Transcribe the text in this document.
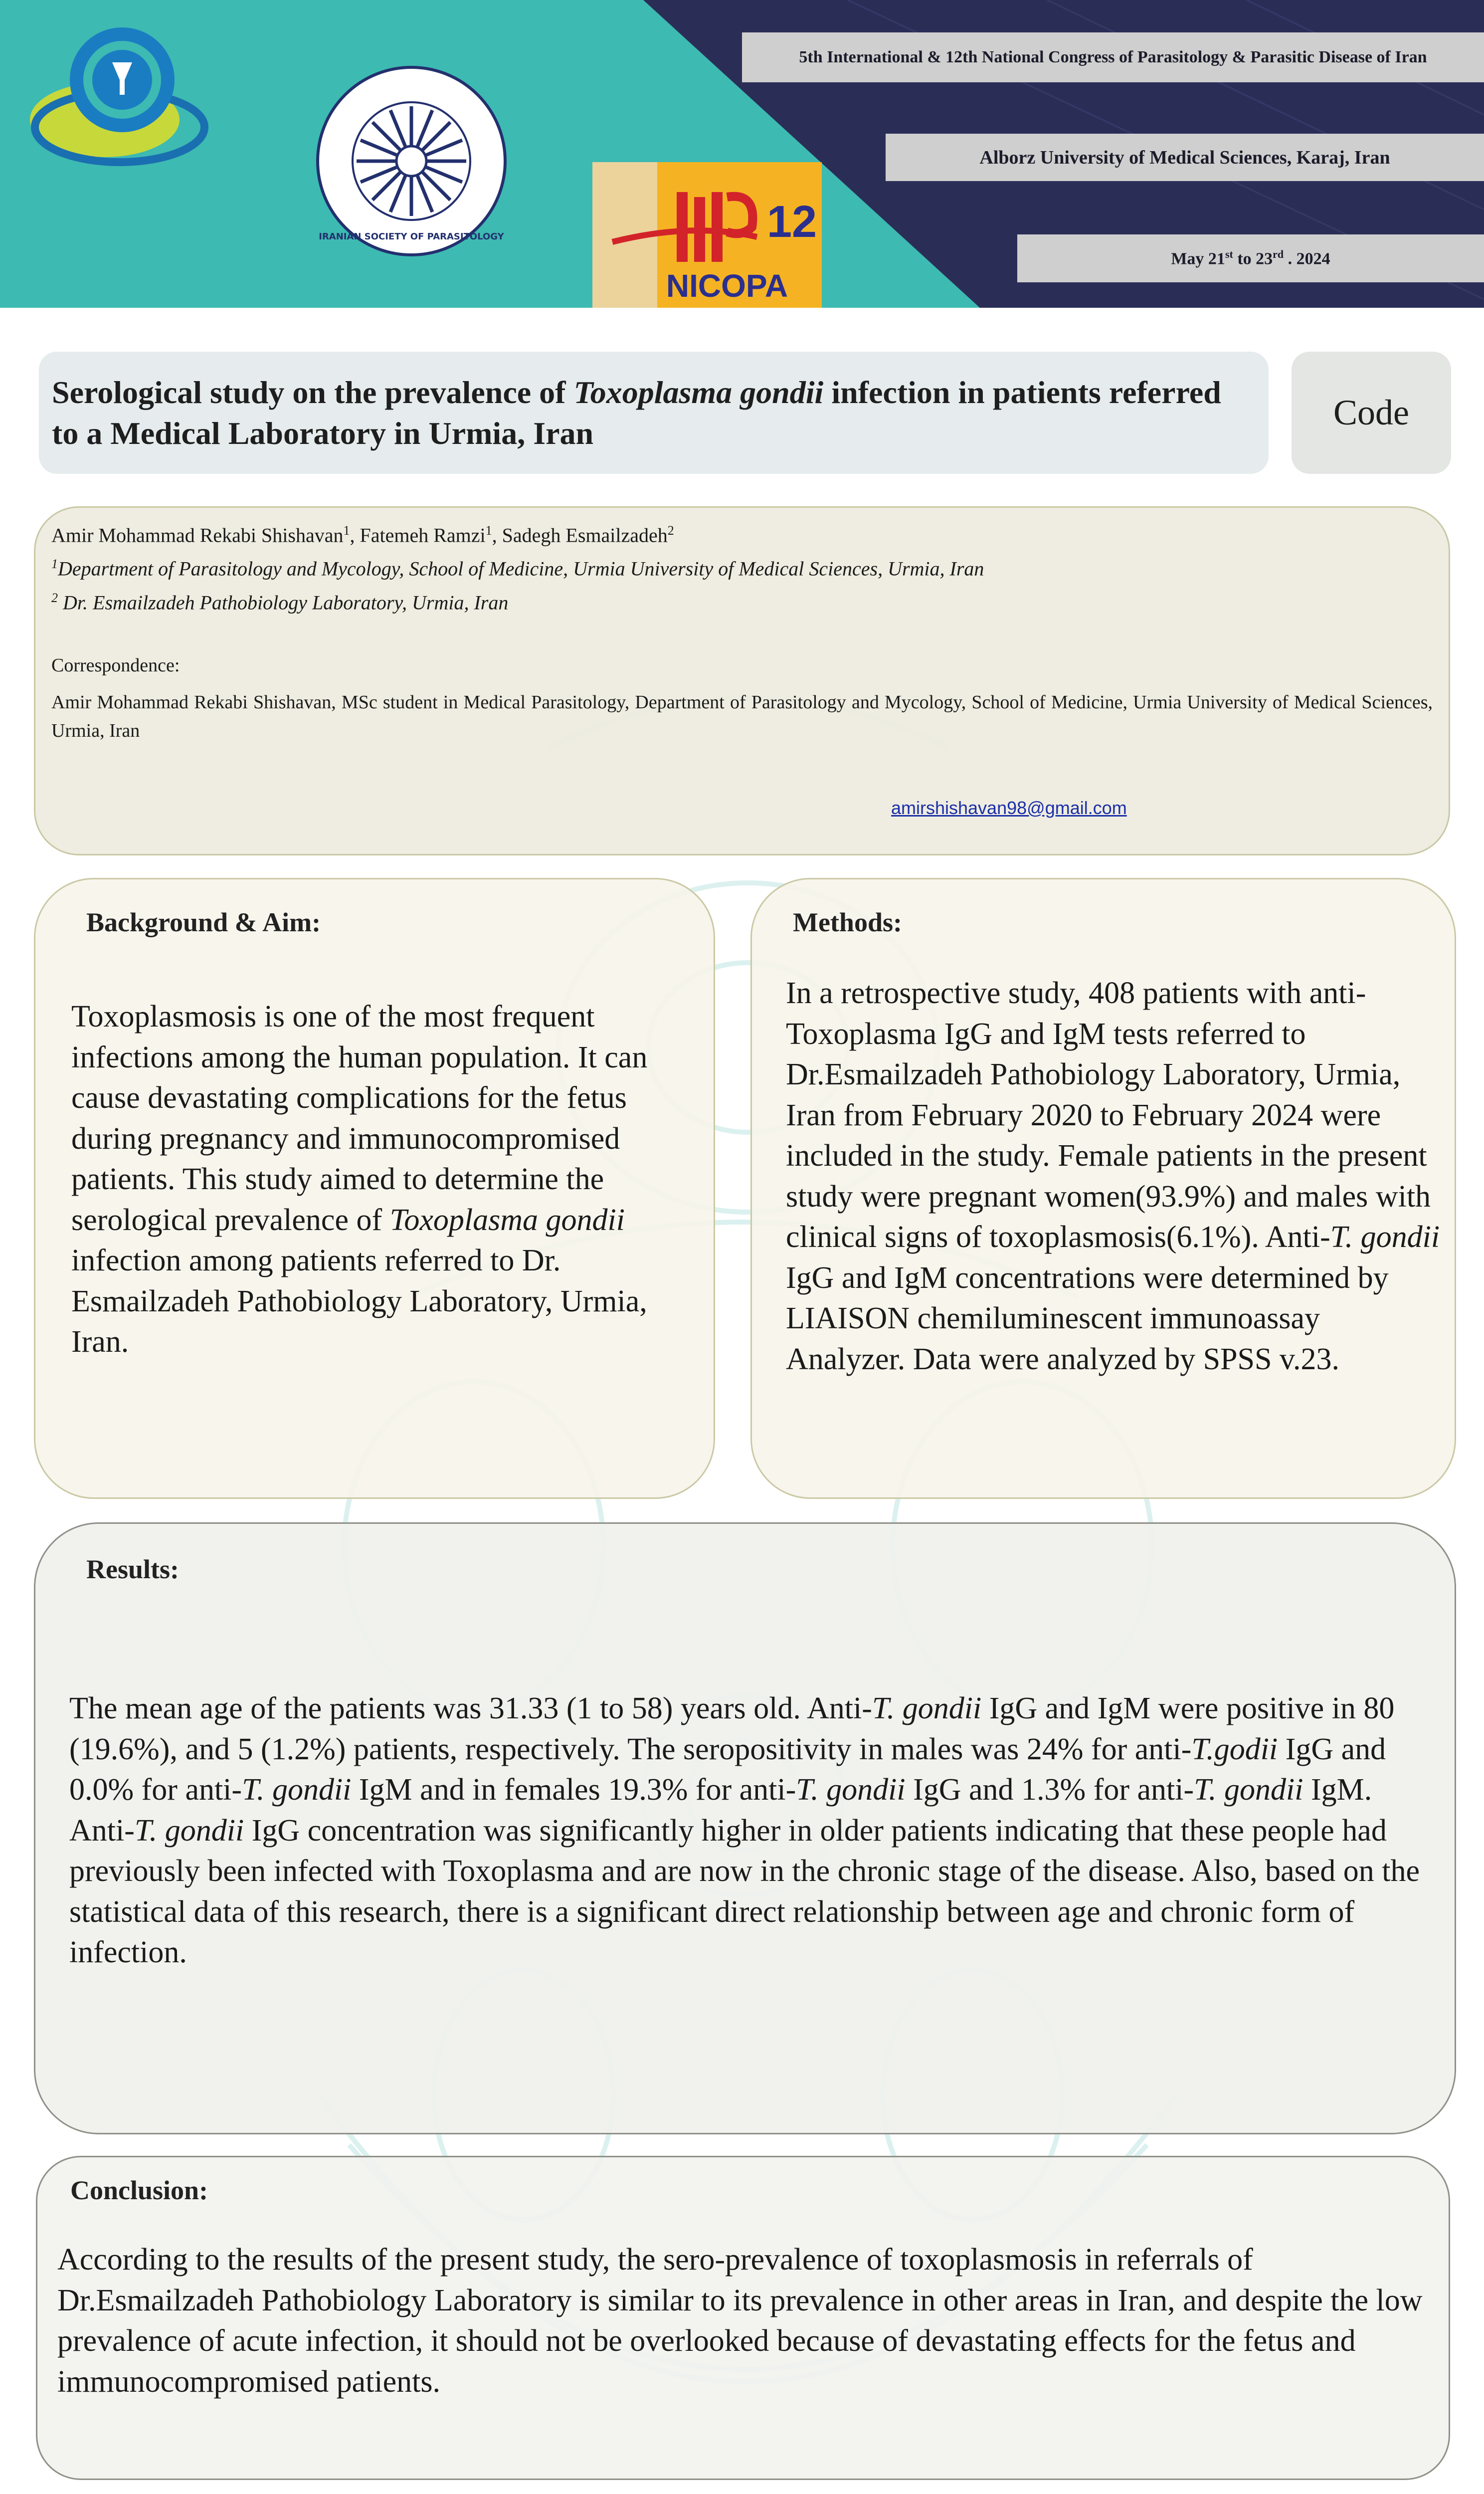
IRANIAN SOCIETY OF PARASITOLOGY	12
NICOPA
5th International & 12th National Congress of Parasitology & Parasitic Disease of Iran
Alborz University of Medical Sciences, Karaj, Iran
May 21st to 23rd . 2024
Serological study on the prevalence of Toxoplasma gondii infection in patients referred to a Medical Laboratory in Urmia, Iran
Code
Amir Mohammad Rekabi Shishavan$^1$, Fatemeh Ramzi$^1$, Sadegh Esmailzadeh$^2$
$^1$Department of Parasitology and Mycology, School of Medicine, Urmia University of Medical Sciences, Urmia, Iran
$^2$ Dr. Esmailzadeh Pathobiology Laboratory, Urmia, Iran
Correspondence:
Amir Mohammad Rekabi Shishavan, MSc student in Medical Parasitology, Department of Parasitology and Mycology, School of Medicine, Urmia University of Medical Sciences, Urmia, Iran
amirshishavan98@gmail.com
Background & Aim:
Toxoplasmosis is one of the most frequent infections among the human population. It can cause devastating complications for the fetus during pregnancy and immunocompromised patients. This study aimed to determine the serological prevalence of Toxoplasma gondii infection among patients referred to Dr. Esmailzadeh Pathobiology Laboratory, Urmia, Iran.
Methods:
In a retrospective study, 408 patients with anti-Toxoplasma IgG and IgM tests referred to Dr.Esmailzadeh Pathobiology Laboratory, Urmia, Iran from February 2020 to February 2024 were included in the study. Female patients in the present study were pregnant women(93.9%) and males with clinical signs of toxoplasmosis(6.1%). Anti-T. gondii IgG and IgM concentrations were determined by LIAISON chemiluminescent immunoassay Analyzer. Data were analyzed by SPSS v.23.
Results:
The mean age of the patients was 31.33 (1 to 58) years old. Anti-T. gondii IgG and IgM were positive in 80 (19.6%), and 5 (1.2%) patients, respectively. The seropositivity in males was 24% for anti-T.godii IgG and 0.0% for anti-T. gondii IgM and in females 19.3% for anti-T. gondii IgG and 1.3% for anti-T. gondii IgM. Anti-T. gondii IgG concentration was significantly higher in older patients indicating that these people had previously been infected with Toxoplasma and are now in the chronic stage of the disease. Also, based on the statistical data of this research, there is a significant direct relationship between age and chronic form of infection.
Conclusion:
According to the results of the present study, the sero-prevalence of toxoplasmosis in referrals of Dr.Esmailzadeh Pathobiology Laboratory is similar to its prevalence in other areas in Iran, and despite the low prevalence of acute infection, it should not be overlooked because of devastating effects for the fetus and immunocompromised patients.
